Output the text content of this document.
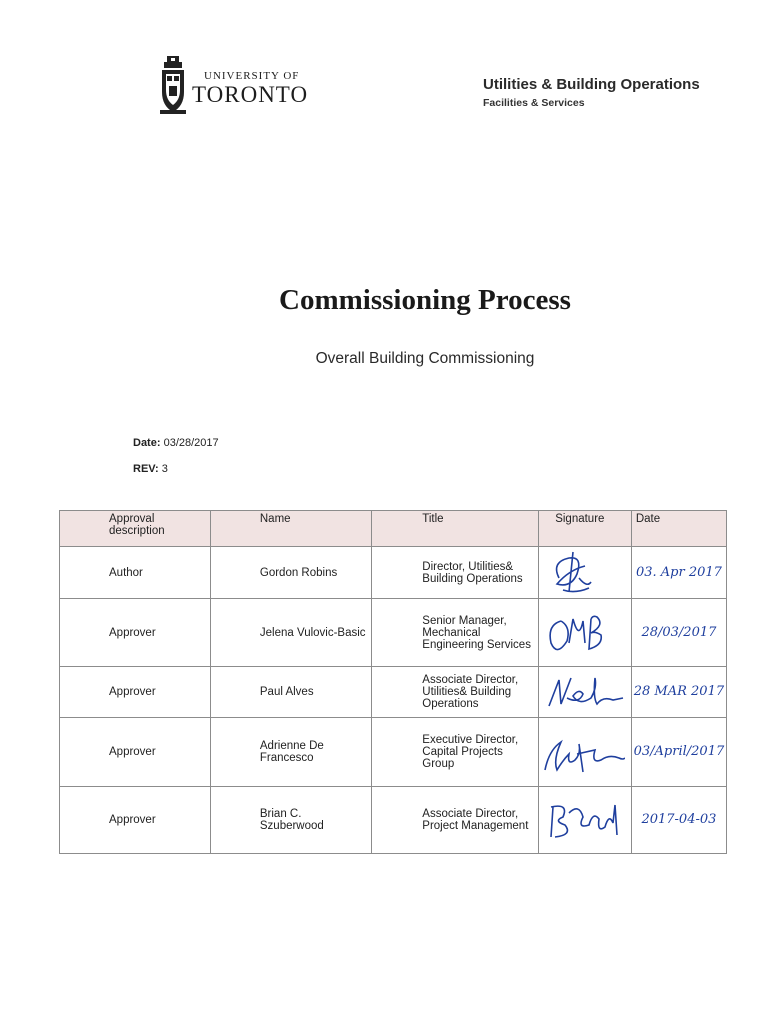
UNIVERSITY OF
TORONTO	Utilities & Building Operations
Facilities & Services
Commissioning Process
Overall Building Commissioning
Date: 03/28/2017
REV: 3
Approval description	Name	Title	Signature	Date
Author	Gordon Robins	Director, Utilities& Building Operations		03. Apr 2017

Approver	Jelena Vulovic-Basic	Senior Manager, Mechanical Engineering Services		28/03/2017

Approver	Paul Alves	Associate Director, Utilities& Building Operations		28 MAR 2017

Approver	Adrienne De Francesco	Executive Director, Capital Projects Group		03/April/2017

Approver	Brian C. Szuberwood	Associate Director, Project Management		2017-04-03
